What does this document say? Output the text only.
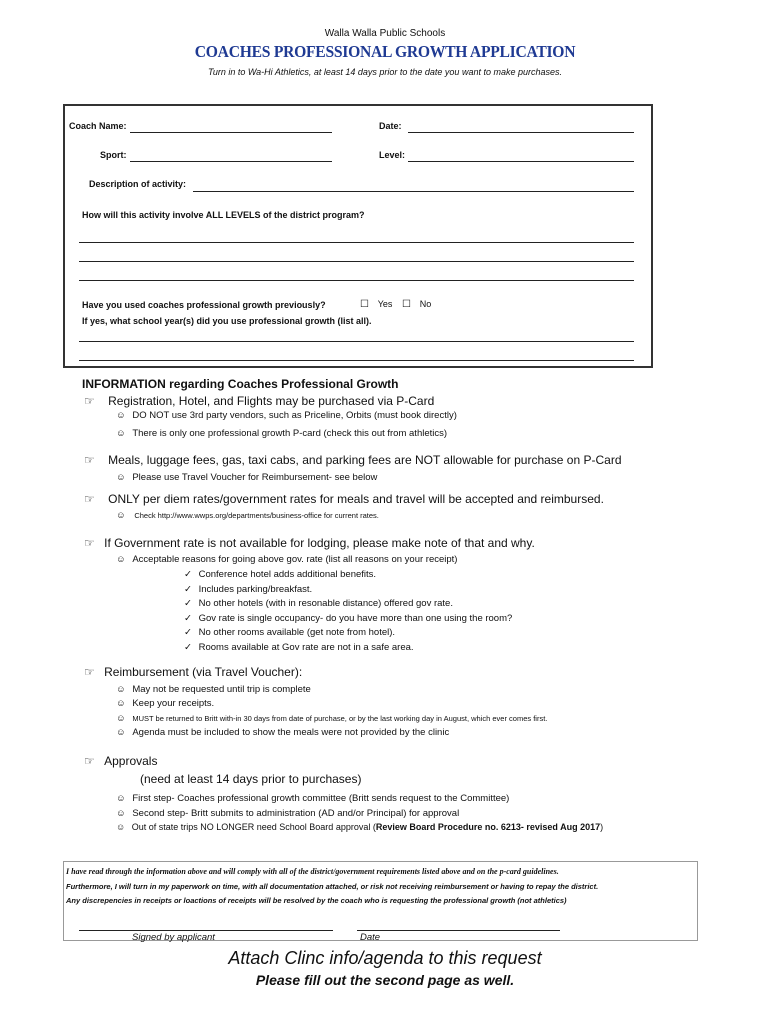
Walla Walla Public Schools
COACHES PROFESSIONAL GROWTH APPLICATION
Turn in to Wa-Hi Athletics, at least 14 days prior to the date you want to make purchases.
Coach Name:	Date:
Sport:	Level:
Description of activity:
How will this activity involve ALL LEVELS of the district program?
Have you used coaches professional growth previously?	☐ Yes ☐ No
If yes, what school year(s) did you use professional growth (list all).
INFORMATION regarding Coaches Professional Growth
☞ Registration, Hotel, and Flights may be purchased via P-Card
☺ DO NOT use 3rd party vendors, such as Priceline, Orbits (must book directly)
☺ There is only one professional growth P-card (check this out from athletics)
☞ Meals, luggage fees, gas, taxi cabs, and parking fees are NOT allowable for purchase on P-Card
☺ Please use Travel Voucher for Reimbursement- see below
☞ ONLY per diem rates/government rates for meals and travel will be accepted and reimbursed.
☺ Check http://www.wwps.org/departments/business-office for current rates.
☞ If Government rate is not available for lodging, please make note of that and why.
☺ Acceptable reasons for going above gov. rate (list all reasons on your receipt)
✓ Conference hotel adds additional benefits.
✓ Includes parking/breakfast.
✓ No other hotels (with in resonable distance) offered gov rate.
✓ Gov rate is single occupancy- do you have more than one using the room?
✓ No other rooms available (get note from hotel).
✓ Rooms available at Gov rate are not in a safe area.
☞ Reimbursement (via Travel Voucher):
☺ May not be requested until trip is complete
☺ Keep your receipts.
☺ MUST be returned to Britt with-in 30 days from date of purchase, or by the last working day in August, which ever comes first.
☺ Agenda must be included to show the meals were not provided by the clinic
☞ Approvals
(need at least 14 days prior to purchases)
☺ First step- Coaches professional growth committee (Britt sends request to the Committee)
☺ Second step- Britt submits to administration (AD and/or Principal) for approval
☺ Out of state trips NO LONGER need School Board approval (Review Board Procedure no. 6213- revised Aug 2017)
I have read through the information above and will comply with all of the district/government requirements listed above and on the p-card guidelines.
Furthermore, I will turn in my paperwork on time, with all documentation attached, or risk not receiving reimbursement or having to repay the district.
Any discrepencies in receipts or loactions of receipts will be resolved by the coach who is requesting the professional growth (not athletics)
Signed by applicant	Date
Attach Clinc info/agenda to this request
Please fill out the second page as well.
